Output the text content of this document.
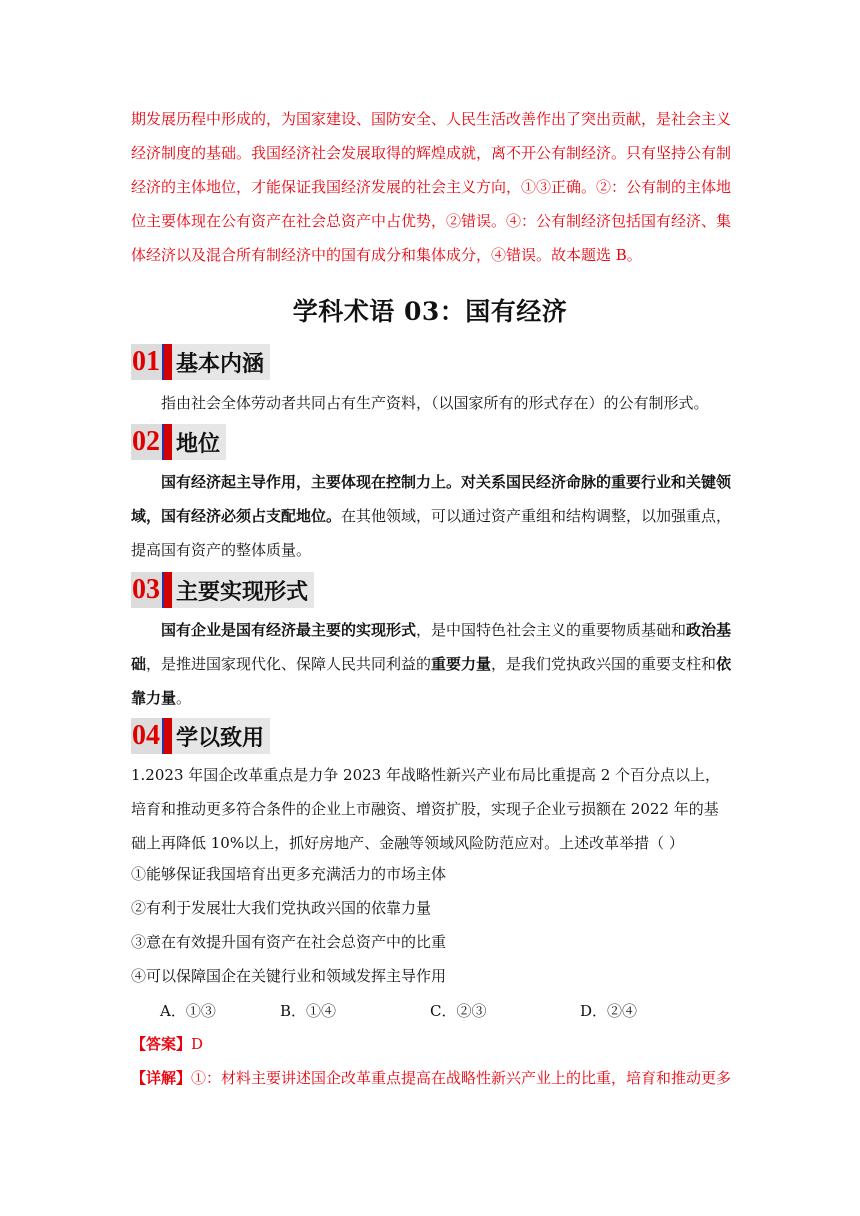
期发展历程中形成的，为国家建设、国防安全、人民生活改善作出了突出贡献，是社会主义经济制度的基础。我国经济社会发展取得的辉煌成就，离不开公有制经济。只有坚持公有制经济的主体地位，才能保证我国经济发展的社会主义方向，①③正确。②：公有制的主体地位主要体现在公有资产在社会总资产中占优势，②错误。④：公有制经济包括国有经济、集体经济以及混合所有制经济中的国有成分和集体成分，④错误。故本题选 B。

学科术语 03：国有经济
01 基本内涵

指由社会全体劳动者共同占有生产资料，（以国家所有的形式存在）的公有制形式。

02 地位

国有经济起主导作用，主要体现在控制力上。对关系国民经济命脉的重要行业和关键领域，国有经济必须占支配地位。在其他领域，可以通过资产重组和结构调整，以加强重点，提高国有资产的整体质量。

03 主要实现形式

国有企业是国有经济最主要的实现形式，是中国特色社会主义的重要物质基础和政治基础，是推进国家现代化、保障人民共同利益的重要力量，是我们党执政兴国的重要支柱和依靠力量。

04 学以致用

1.2023 年国企改革重点是力争 2023 年战略性新兴产业布局比重提高 2 个百分点以上，培育和推动更多符合条件的企业上市融资、增资扩股，实现子企业亏损额在 2022 年的基础上再降低 10%以上，抓好房地产、金融等领域风险防范应对。上述改革举措（ ）

①能够保证我国培育出更多充满活力的市场主体
②有利于发展壮大我们党执政兴国的依靠力量
③意在有效提升国有资产在社会总资产中的比重
④可以保障国企在关键行业和领域发挥主导作用
A．①③	B．①④	C．②③	D．②④
【答案】D
【详解】①：材料主要讲述国企改革重点提高在战略性新兴产业上的比重，培育和推动更多
